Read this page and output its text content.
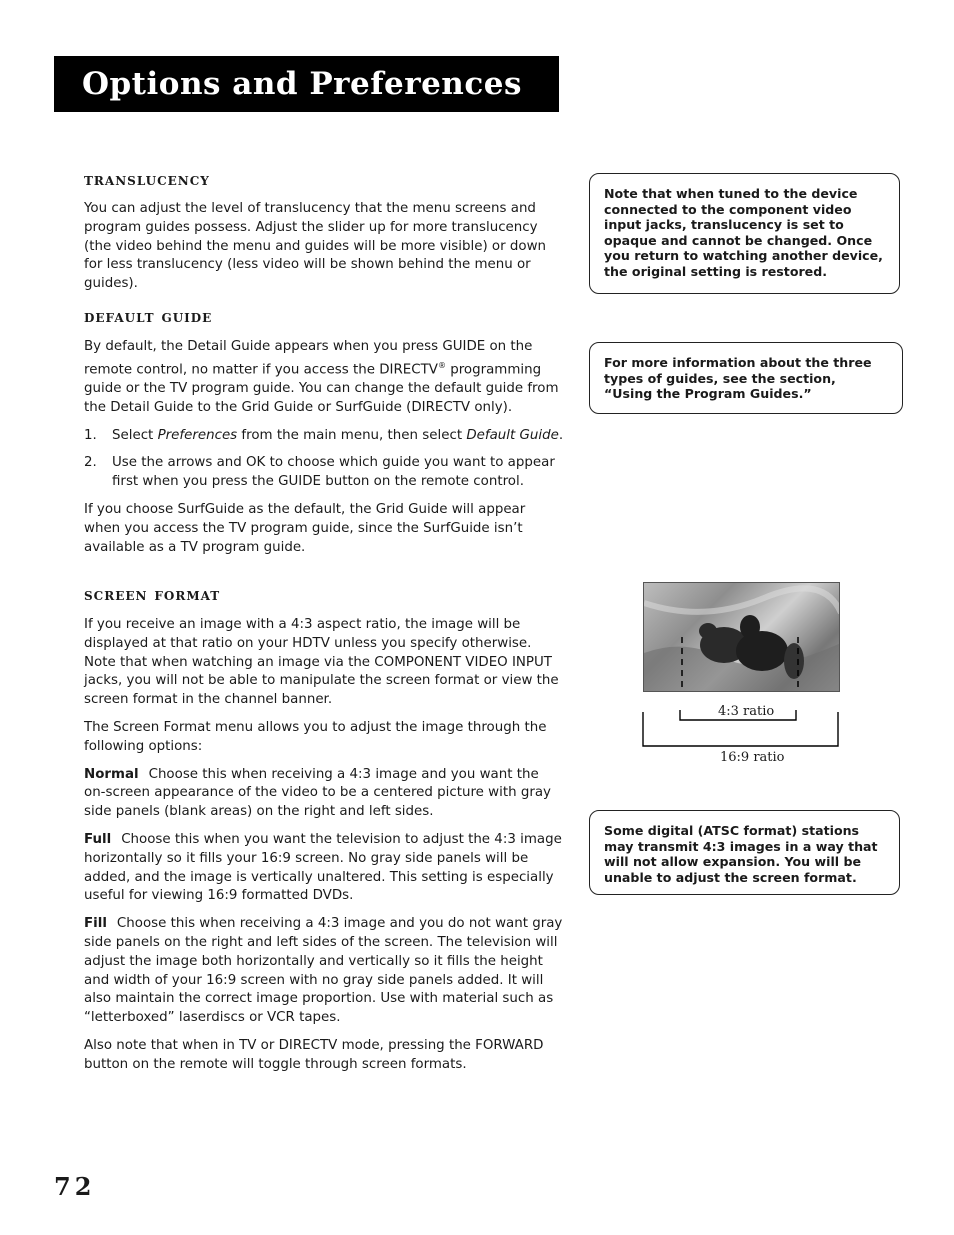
Options and Preferences
translucency

You can adjust the level of translucency that the menu screens and program guides possess. Adjust the slider up for more translucency (the video behind the menu and guides will be more visible) or down for less translucency (less video will be shown behind the menu or guides).

default guide

By default, the Detail Guide appears when you press GUIDE on the remote control, no matter if you access the DIRECTV® programming guide or the TV program guide. You can change the default guide from the Detail Guide to the Grid Guide or SurfGuide (DIRECTV only).

1. Select Preferences from the main menu, then select Default Guide.
2. Use the arrows and OK to choose which guide you want to appear first when you press the GUIDE button on the remote control.

If you choose SurfGuide as the default, the Grid Guide will appear when you access the TV program guide, since the SurfGuide isn’t available as a TV program guide.

screen format

If you receive an image with a 4:3 aspect ratio, the image will be displayed at that ratio on your HDTV unless you specify otherwise. Note that when watching an image via the COMPONENT VIDEO INPUT jacks, you will not be able to manipulate the screen format or view the screen format in the channel banner.

The Screen Format menu allows you to adjust the image through the following options:

Normal Choose this when receiving a 4:3 image and you want the on-screen appearance of the video to be a centered picture with gray side panels (blank areas) on the right and left sides.

Full Choose this when you want the television to adjust the 4:3 image horizontally so it fills your 16:9 screen. No gray side panels will be added, and the image is vertically unaltered. This setting is especially useful for viewing 16:9 formatted DVDs.

Fill Choose this when receiving a 4:3 image and you do not want gray side panels on the right and left sides of the screen. The television will adjust the image both horizontally and vertically so it fills the height and width of your 16:9 screen with no gray side panels added. It will also maintain the correct image proportion. Use with material such as “letterboxed” laserdiscs or VCR tapes.

Also note that when in TV or DIRECTV mode, pressing the FORWARD button on the remote will toggle through screen formats.

Note that when tuned to the device connected to the component video input jacks, translucency is set to opaque and cannot be changed. Once you return to watching another device, the original setting is restored.
For more information about the three types of guides, see the section, “Using the Program Guides.”
Some digital (ATSC format) stations may transmit 4:3 images in a way that will not allow expansion. You will be unable to adjust the screen format.
4:3 ratio
16:9 ratio

72
